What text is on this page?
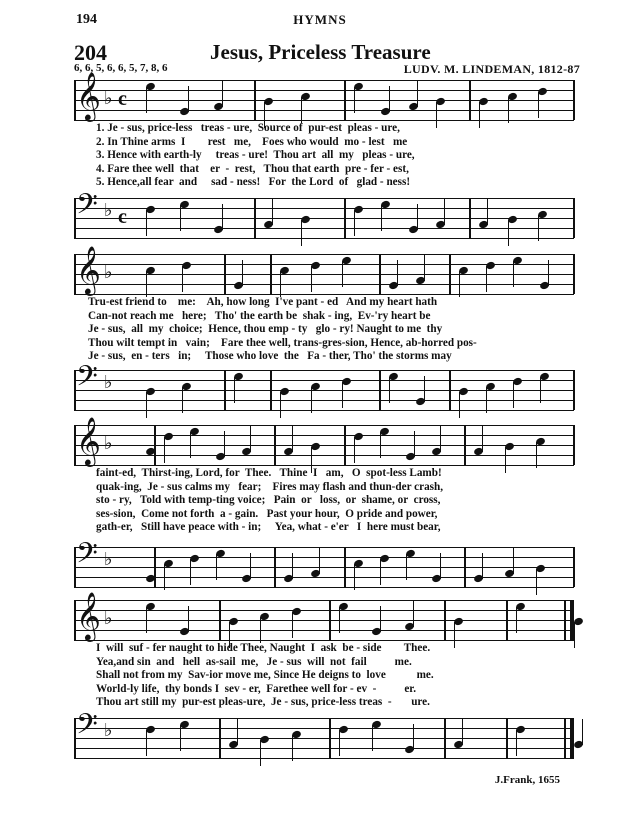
194	HYMNS
204	Jesus, Priceless Treasure
6, 6, 5, 6, 6, 5, 7, 8, 6	LUDV. M. LINDEMAN, 1812-87
𝄞 ♭ c
1. Je - sus, price-less   treas - ure,  Source of  pur-est  pleas - ure,
2. In Thine arms  I        rest   me,    Foes who would  mo - lest   me
3. Hence with earth-ly     treas - ure!  Thou art  all  my   pleas - ure,
4. Fare thee well  that    er  -  rest,   Thou that earth  pre - fer - est,
5. Hence,all fear  and     sad - ness!   For  the Lord  of   glad - ness!
𝄢 ♭ c
𝄞 ♭
Tru-est friend to    me:    Ah, how long  I've pant - ed   And my heart hath
Can-not reach me   here;   Tho' the earth be  shak - ing,  Ev-'ry heart be
Je - sus,  all  my  choice;  Hence, thou emp - ty   glo - ry! Naught to me  thy
Thou wilt tempt in   vain;    Fare thee well, trans-gres-sion, Hence, ab-horred pos-
Je - sus,  en - ters   in;     Those who love  the   Fa - ther, Tho' the storms may
𝄢 ♭
𝄞 ♭
faint-ed,  Thirst-ing, Lord, for  Thee.   Thine  I   am,   O  spot-less Lamb!
quak-ing,  Je - sus calms my   fear;    Fires may flash and thun-der crash,
sto - ry,   Told with temp-ting voice;   Pain  or   loss,  or  shame, or  cross,
ses-sion,  Come not forth  a - gain.   Past your hour,  O pride and power,
gath-er,   Still have peace with - in;     Yea, what - e'er   I  here must bear,
𝄢 ♭
𝄞 ♭
I  will  suf - fer naught to hide Thee, Naught  I  ask  be - side        Thee.
Yea,and sin  and   hell  as-sail  me,   Je - sus  will  not  fail          me.
Shall not from my  Sav-ior move me, Since He deigns to  love           me.
World-ly life,  thy bonds I  sev - er,  Farethee well for - ev  -          er.
Thou art still my  pur-est pleas-ure,  Je - sus, price-less treas  -       ure.
𝄢 ♭
J.Frank, 1655
